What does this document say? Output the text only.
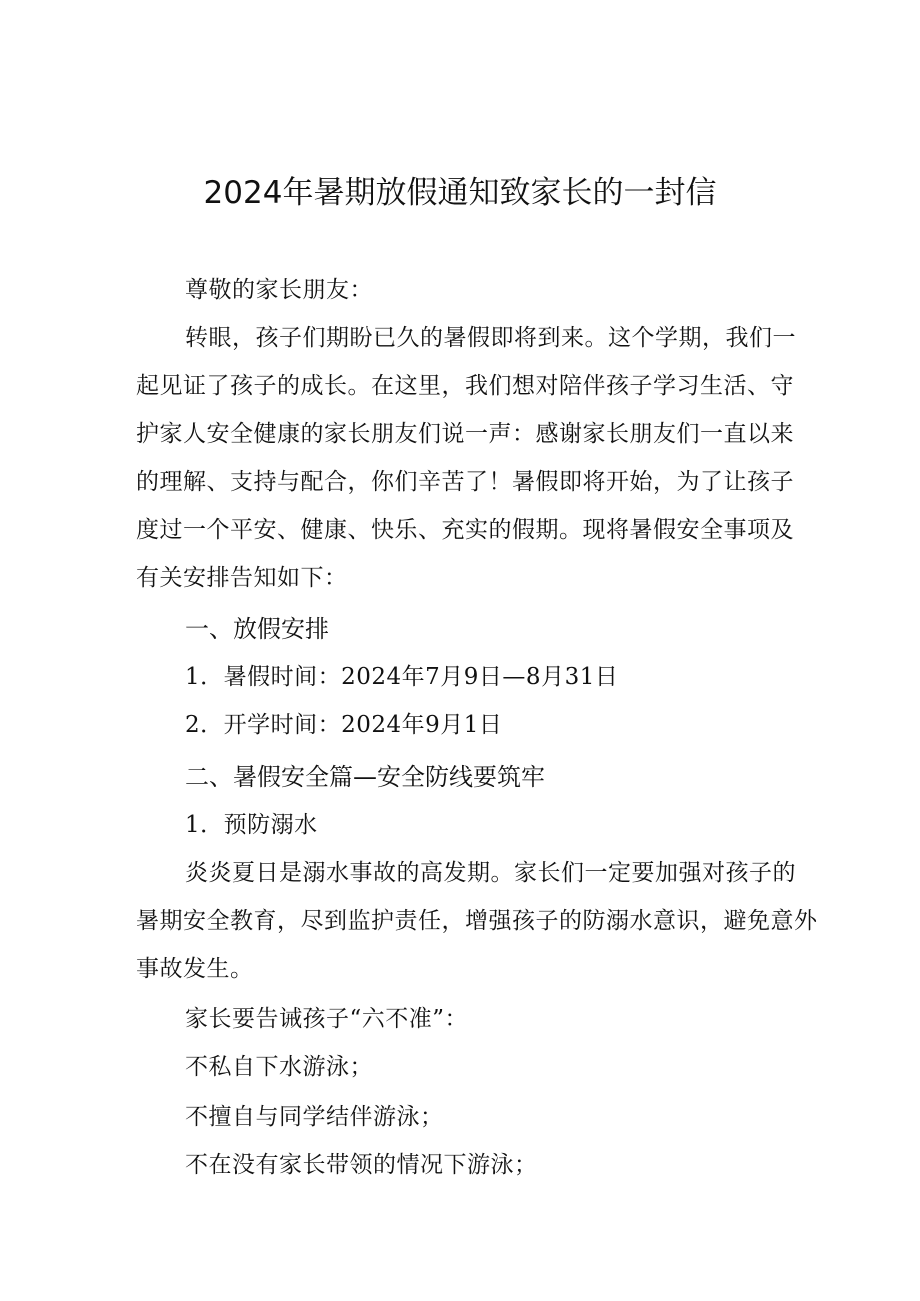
2024年暑期放假通知致家长的一封信
尊敬的家长朋友：
转眼，孩子们期盼已久的暑假即将到来。这个学期，我们一
起见证了孩子的成长。在这里，我们想对陪伴孩子学习生活、守
护家人安全健康的家长朋友们说一声：感谢家长朋友们一直以来
的理解、支持与配合，你们辛苦了！暑假即将开始，为了让孩子
度过一个平安、健康、快乐、充实的假期。现将暑假安全事项及
有关安排告知如下：
一、放假安排
1．暑假时间：2024年7月9日—8月31日
2．开学时间：2024年9月1日
二、暑假安全篇—安全防线要筑牢
1．预防溺水
炎炎夏日是溺水事故的高发期。家长们一定要加强对孩子的
暑期安全教育，尽到监护责任，增强孩子的防溺水意识，避免意外
事故发生。
家长要告诫孩子“六不准”：
不私自下水游泳；
不擅自与同学结伴游泳；
不在没有家长带领的情况下游泳；
